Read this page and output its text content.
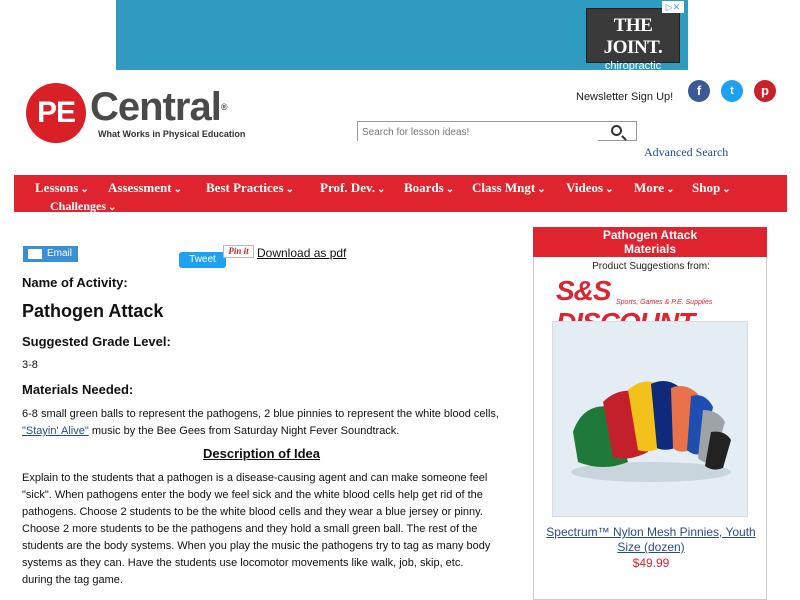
THE JOINT.
chiropractic
▷✕
PE Central®
What Works in Physical Education
Newsletter Sign Up!	f	t	p
Search for lesson ideas!
Advanced Search
Lessons ⌄ Assessment ⌄ Best Practices ⌄ Prof. Dev. ⌄ Boards ⌄ Class Mngt ⌄ Videos ⌄ More ⌄ Shop ⌄
Challenges ⌄
Email
Tweet
Pin it Download as pdf
Name of Activity:
Pathogen Attack
Suggested Grade Level:
3-8
Materials Needed:
6-8 small green balls to represent the pathogens, 2 blue pinnies to represent the white blood cells,
"Stayin' Alive" music by the Bee Gees from Saturday Night Fever Soundtrack.
Description of Idea
Explain to the students that a pathogen is a disease-causing agent and can make someone feel "sick". When pathogens enter the body we feel sick and the white blood cells help get rid of the pathogens. Choose 2 students to be the white blood cells and they wear a blue jersey or pinny. Choose 2 more students to be the pathogens and they hold a small green ball. The rest of the students are the body systems. When you play the music the pathogens try to tag as many body systems as they can. Have the students use locomotor movements like walk, job, skip, etc. during the tag game.
Pathogen Attack
Materials
Product Suggestions from:
S&S Sports, Games & P.E. Supplies
Spectrum™ Nylon Mesh Pinnies, Youth Size (dozen)
$49.99
